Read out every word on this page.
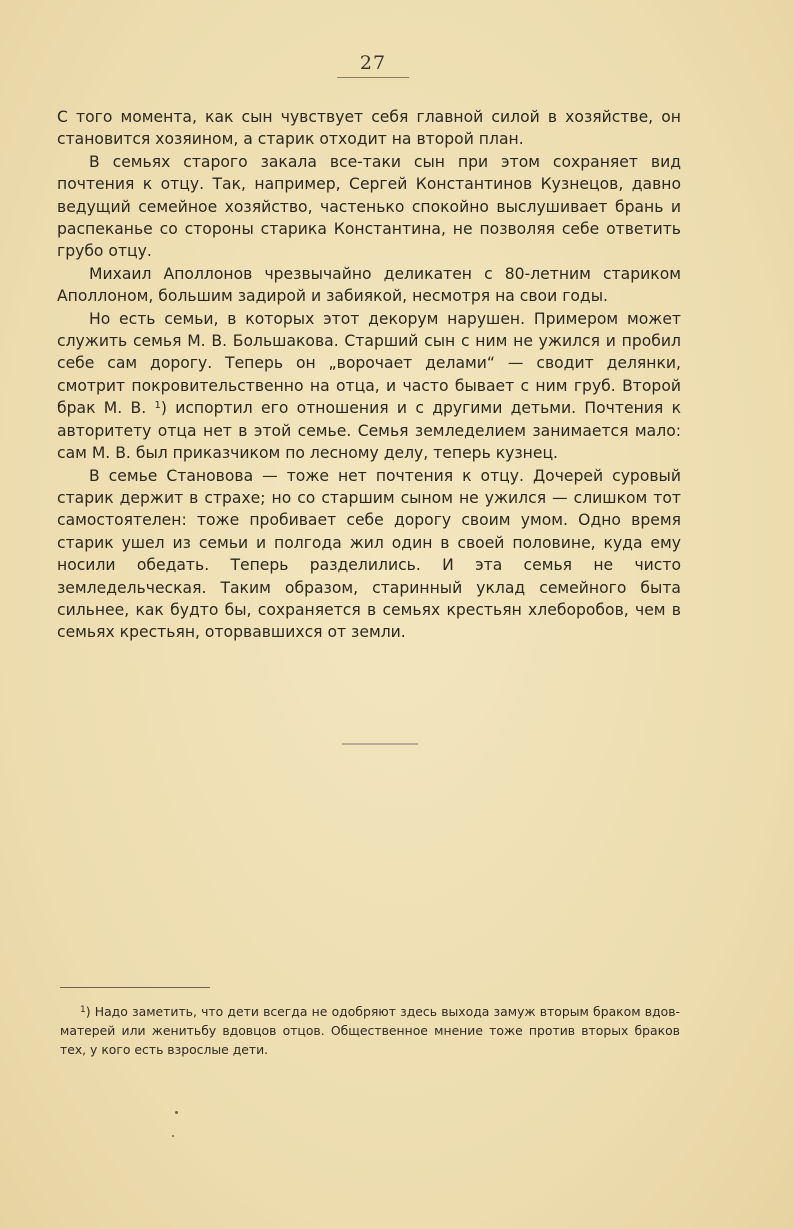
27

С того момента, как сын чувствует себя главной силой в хозяйстве, он становится хозяином, а старик отходит на второй план.

В семьях старого закала все-таки сын при этом сохраняет вид почтения к отцу. Так, например, Сергей Константинов Кузнецов, давно ведущий семейное хозяйство, частенько спокойно выслушивает брань и распеканье со стороны старика Константина, не позволяя себе ответить грубо отцу.

Михаил Аполлонов чрезвычайно деликатен с 80-летним стариком Аполлоном, большим задирой и забиякой, несмотря на свои годы.

Но есть семьи, в которых этот декорум нарушен. Примером может служить семья М. В. Большакова. Старший сын с ним не ужился и пробил себе сам дорогу. Теперь он „ворочает делами“ — сводит делянки, смотрит покровительственно на отца, и часто бывает с ним груб. Второй брак М. В. $^1$) испортил его отношения и с другими детьми. Почтения к авторитету отца нет в этой семье. Семья земледелием занимается мало: сам М. В. был приказчиком по лесному делу, теперь кузнец.

В семье Становова — тоже нет почтения к отцу. Дочерей суровый старик держит в страхе; но со старшим сыном не ужился — слишком тот самостоятелен: тоже пробивает себе дорогу своим умом. Одно время старик ушел из семьи и полгода жил один в своей половине, куда ему носили обедать. Теперь разделились. И эта семья не чисто земледельческая. Таким образом, старинный уклад семейного быта сильнее, как будто бы, сохраняется в семьях крестьян хлеборобов, чем в семьях крестьян, оторвавшихся от земли.

$^1$) Надо заметить, что дети всегда не одобряют здесь выхода замуж вторым браком вдов-матерей или женитьбу вдовцов отцов. Общественное мнение тоже против вторых браков тех, у кого есть взрослые дети.
